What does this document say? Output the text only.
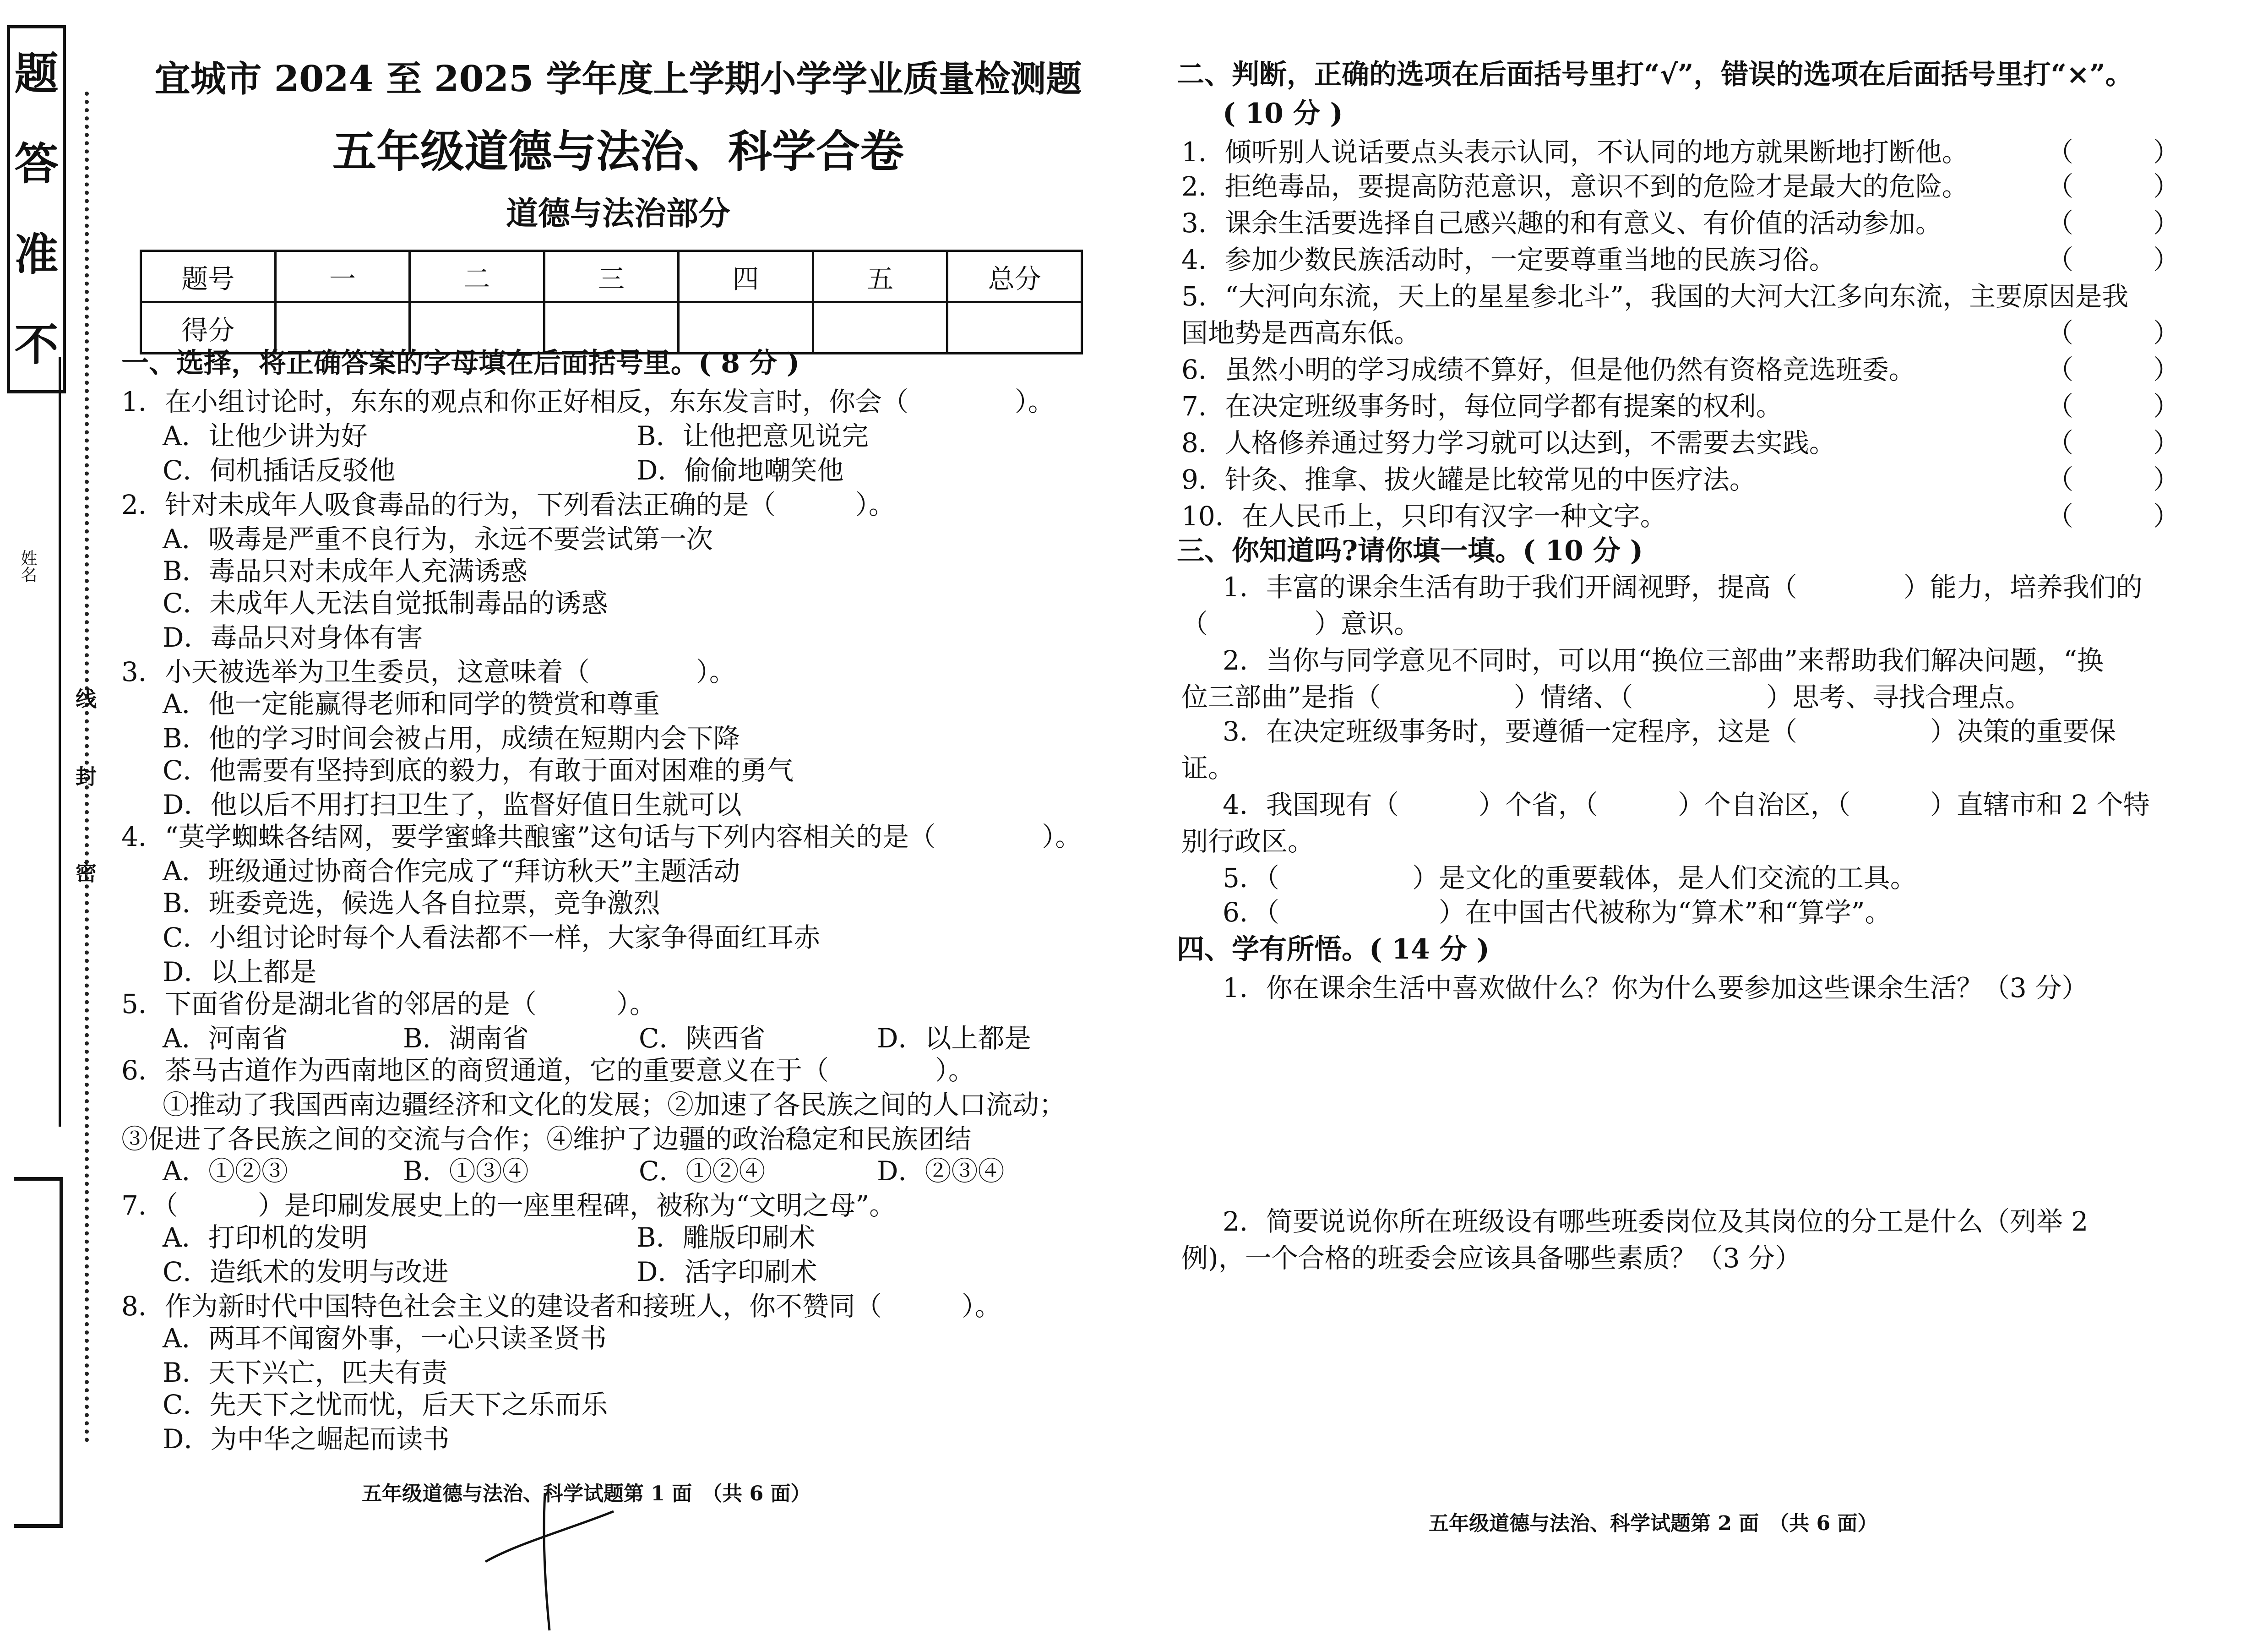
题
答
准
不
姓名
线
封
密
宜城市 2024 至 2025 学年度上学期小学学业质量检测题
五年级道德与法治、科学合卷
道德与法治部分
题号	一	二	三	四	五	总分
得分						
一、选择，将正确答案的字母填在后面括号里。( 8 分 )
1．在小组讨论时，东东的观点和你正好相反，东东发言时，你会（　　　　）。
A．让他少讲为好	B．让他把意见说完
C．伺机插话反驳他	D．偷偷地嘲笑他
2．针对未成年人吸食毒品的行为，下列看法正确的是（　　　）。
A．吸毒是严重不良行为，永远不要尝试第一次
B．毒品只对未成年人充满诱惑
C．未成年人无法自觉抵制毒品的诱惑
D．毒品只对身体有害
3．小天被选举为卫生委员，这意味着（　　　　）。
A．他一定能赢得老师和同学的赞赏和尊重
B．他的学习时间会被占用，成绩在短期内会下降
C．他需要有坚持到底的毅力，有敢于面对困难的勇气
D．他以后不用打扫卫生了，监督好值日生就可以
4．“莫学蜘蛛各结网，要学蜜蜂共酿蜜”这句话与下列内容相关的是（　　　　）。
A．班级通过协商合作完成了“拜访秋天”主题活动
B．班委竞选，候选人各自拉票，竞争激烈
C．小组讨论时每个人看法都不一样，大家争得面红耳赤
D．以上都是
5．下面省份是湖北省的邻居的是（　　　）。
A．河南省	B．湖南省	C．陕西省	D．以上都是
6．茶马古道作为西南地区的商贸通道，它的重要意义在于（　　　　）。
①推动了我国西南边疆经济和文化的发展；②加速了各民族之间的人口流动；
③促进了各民族之间的交流与合作；④维护了边疆的政治稳定和民族团结
A．①②③	B．①③④	C．①②④	D．②③④
7．（　　　）是印刷发展史上的一座里程碑，被称为“文明之母”。
A．打印机的发明	B．雕版印刷术
C．造纸术的发明与改进	D．活字印刷术
8．作为新时代中国特色社会主义的建设者和接班人，你不赞同（　　　）。
A．两耳不闻窗外事，一心只读圣贤书
B．天下兴亡，匹夫有责
C．先天下之忧而忧，后天下之乐而乐
D．为中华之崛起而读书
五年级道德与法治、科学试题第 1 面　（共 6 面）
二、判断，正确的选项在后面括号里打“√”，错误的选项在后面括号里打“×”。
( 10 分 )
1．倾听别人说话要点头表示认同，不认同的地方就果断地打断他。	（　　　）
2．拒绝毒品，要提高防范意识，意识不到的危险才是最大的危险。	（　　　）
3．课余生活要选择自己感兴趣的和有意义、有价值的活动参加。	（　　　）
4．参加少数民族活动时，一定要尊重当地的民族习俗。	（　　　）
5．“大河向东流，天上的星星参北斗”，我国的大河大江多向东流，主要原因是我
国地势是西高东低。	（　　　）
6．虽然小明的学习成绩不算好，但是他仍然有资格竞选班委。	（　　　）
7．在决定班级事务时，每位同学都有提案的权利。	（　　　）
8．人格修养通过努力学习就可以达到，不需要去实践。	（　　　）
9．针灸、推拿、拔火罐是比较常见的中医疗法。	（　　　）
10．在人民币上，只印有汉字一种文字。	（　　　）
三、你知道吗?请你填一填。( 10 分 )
1．丰富的课余生活有助于我们开阔视野，提高（　　　　）能力，培养我们的
（　　　　）意识。
2．当你与同学意见不同时，可以用“换位三部曲”来帮助我们解决问题，“换
位三部曲”是指（　　　　　）情绪、（　　　　　）思考、寻找合理点。
3．在决定班级事务时，要遵循一定程序，这是（　　　　　）决策的重要保
证。
4．我国现有（　　　）个省，（　　　）个自治区，（　　　）直辖市和 2 个特
别行政区。
5．（　　　　　）是文化的重要载体，是人们交流的工具。
6．（　　　　　　）在中国古代被称为“算术”和“算学”。
四、学有所悟。( 14 分 )
1．你在课余生活中喜欢做什么？你为什么要参加这些课余生活？（3 分）
2．简要说说你所在班级设有哪些班委岗位及其岗位的分工是什么（列举 2
例)，一个合格的班委会应该具备哪些素质？（3 分）
五年级道德与法治、科学试题第 2 面　（共 6 面）
